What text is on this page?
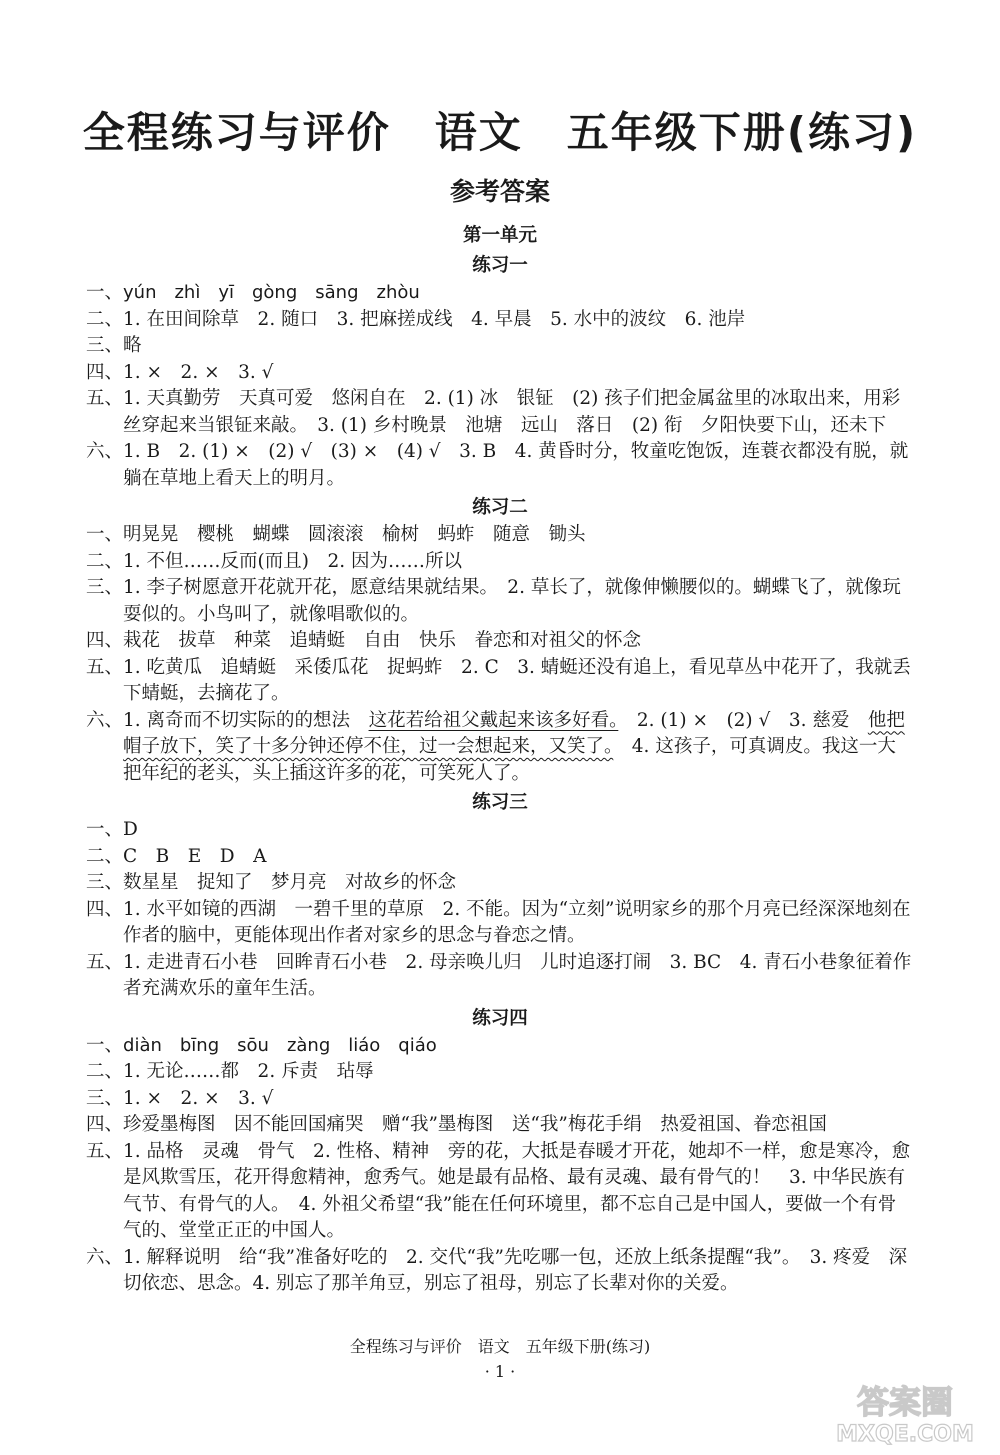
全程练习与评价　语文　五年级下册(练习)
参考答案
第一单元
练习一
一、 yún　zhì　yī　gòng　sāng　zhòu
二、 1. 在田间除草　2. 随口　3. 把麻搓成线　4. 早晨　5. 水中的波纹　6. 池岸
三、 略
四、 1. ×　2. ×　3. √
五、 1. 天真勤劳　天真可爱　悠闲自在　2. (1) 冰　银钲　(2) 孩子们把金属盆里的冰取出来，用彩丝穿起来当银钲来敲。　3. (1) 乡村晚景　池塘　远山　落日　(2) 衔　夕阳快要下山，还未下
六、 1. B　2. (1) ×　(2) √　(3) ×　(4) √　3. B　4. 黄昏时分，牧童吃饱饭，连蓑衣都没有脱，就躺在草地上看天上的明月。
练习二
一、 明晃晃　樱桃　蝴蝶　圆滚滚　榆树　蚂蚱　随意　锄头
二、 1. 不但……反而(而且)　2. 因为……所以
三、 1. 李子树愿意开花就开花，愿意结果就结果。　2. 草长了，就像伸懒腰似的。蝴蝶飞了，就像玩耍似的。小鸟叫了，就像唱歌似的。
四、 栽花　拔草　种菜　追蜻蜓　自由　快乐　眷恋和对祖父的怀念
五、 1. 吃黄瓜　追蜻蜓　采倭瓜花　捉蚂蚱　2. C　3. 蜻蜓还没有追上，看见草丛中花开了，我就丢下蜻蜓，去摘花了。
六、 1. 离奇而不切实际的的想法　这花若给祖父戴起来该多好看。　2. (1) ×　(2) √　3. 慈爱　他把帽子放下，笑了十多分钟还停不住，过一会想起来，又笑了。　4. 这孩子，可真调皮。我这一大把年纪的老头，头上插这许多的花，可笑死人了。
练习三
一、 D
二、 C　B　E　D　A
三、 数星星　捉知了　梦月亮　对故乡的怀念
四、 1. 水平如镜的西湖　一碧千里的草原　2. 不能。因为“立刻”说明家乡的那个月亮已经深深地刻在作者的脑中，更能体现出作者对家乡的思念与眷恋之情。
五、 1. 走进青石小巷　回眸青石小巷　2. 母亲唤儿归　儿时追逐打闹　3. BC　4. 青石小巷象征着作者充满欢乐的童年生活。
练习四
一、 diàn　bīng　sōu　zàng　liáo　qiáo
二、 1. 无论……都　2. 斥责　玷辱
三、 1. ×　2. ×　3. √
四、 珍爱墨梅图　因不能回国痛哭　赠“我”墨梅图　送“我”梅花手绢　热爱祖国、眷恋祖国
五、 1. 品格　灵魂　骨气　2. 性格、精神　旁的花，大抵是春暖才开花，她却不一样，愈是寒冷，愈是风欺雪压，花开得愈精神，愈秀气。她是最有品格、最有灵魂、最有骨气的！　3. 中华民族有气节、有骨气的人。　4. 外祖父希望“我”能在任何环境里，都不忘自己是中国人，要做一个有骨气的、堂堂正正的中国人。
六、 1. 解释说明　给“我”准备好吃的　2. 交代“我”先吃哪一包，还放上纸条提醒“我”。　3. 疼爱　深切依恋、思念。4. 别忘了那羊角豆，别忘了祖母，别忘了长辈对你的关爱。
全程练习与评价　语文　五年级下册(练习)
· 1 ·
答案圈
MXQE.COM
